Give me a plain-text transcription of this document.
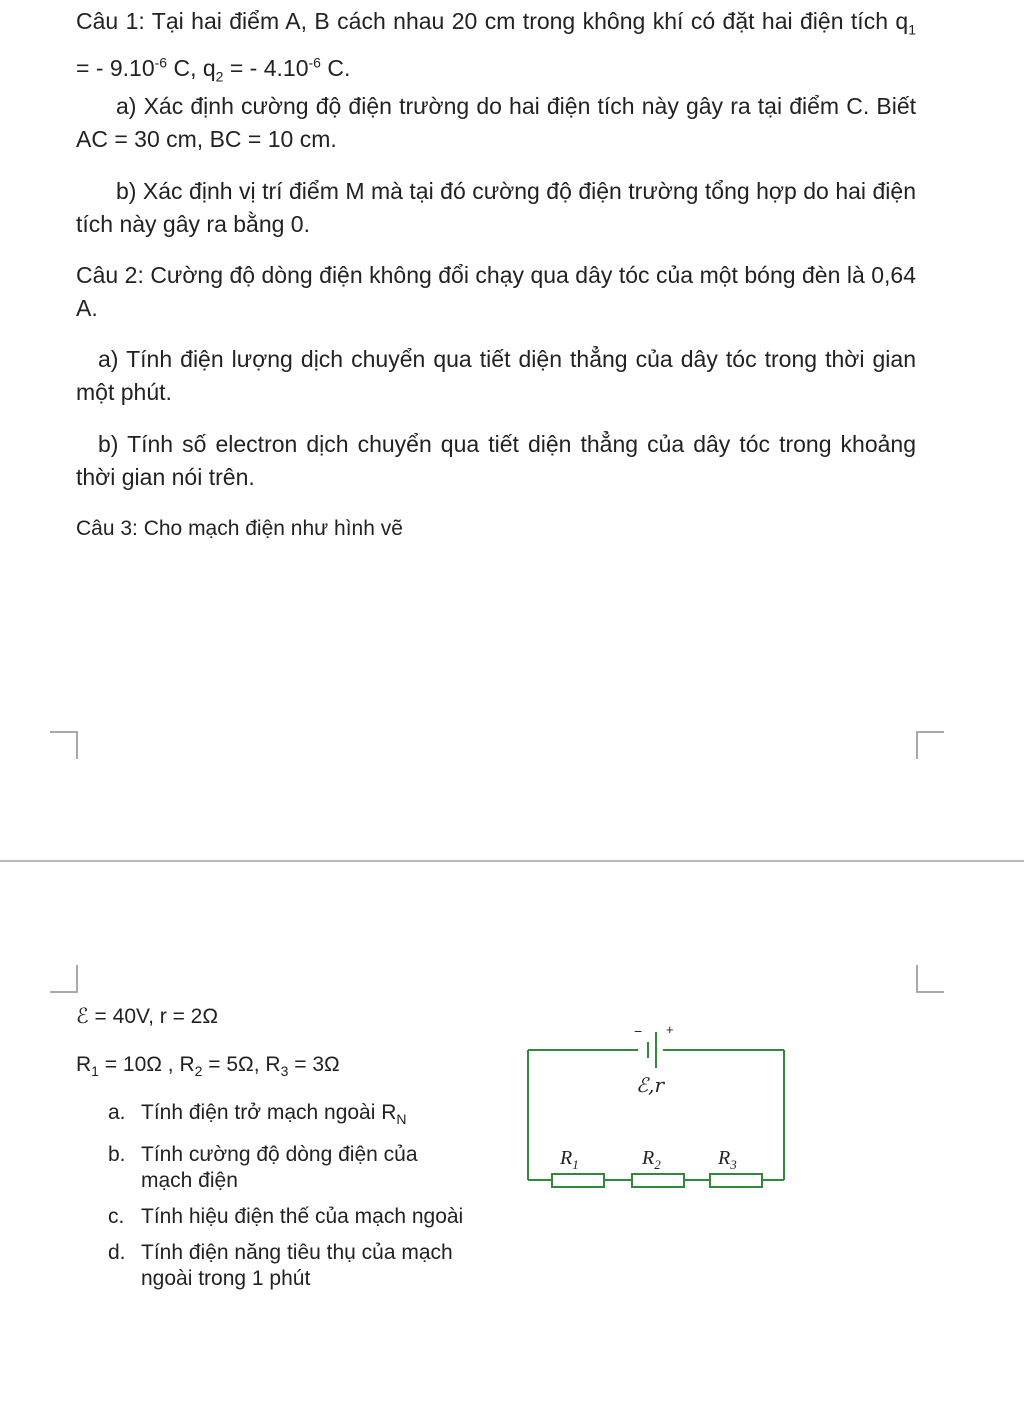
Câu 1: Tại hai điểm A, B cách nhau 20 cm trong không khí có đặt hai điện tích $q_1$ = - $9.10^{-6}$ C, $q_2$ = - $4.10^{-6}$ C.
a) Xác định cường độ điện trường do hai điện tích này gây ra tại điểm C. Biết AC = 30 cm, BC = 10 cm.
b) Xác định vị trí điểm M mà tại đó cường độ điện trường tổng hợp do hai điện tích này gây ra bằng 0.
Câu 2: Cường độ dòng điện không đổi chạy qua dây tóc của một bóng đèn là 0,64 A.
a) Tính điện lượng dịch chuyển qua tiết diện thẳng của dây tóc trong thời gian một phút.
b) Tính số electron dịch chuyển qua tiết diện thẳng của dây tóc trong khoảng thời gian nói trên.
Câu 3: Cho mạch điện như hình vẽ
ℰ = 40V, r = 2Ω
$R_1 = 10\Omega$ , $R_2 = 5\Omega$, $R_3 = 3\Omega$
a. Tính điện trở mạch ngoài $R_N$
b. Tính cường độ dòng điện của mạch điện
c. Tính hiệu điện thế của mạch ngoài
d. Tính điện năng tiêu thụ của mạch ngoài trong 1 phút
− +
ℰ,r
$R_1$	$R_2$	$R_3$
